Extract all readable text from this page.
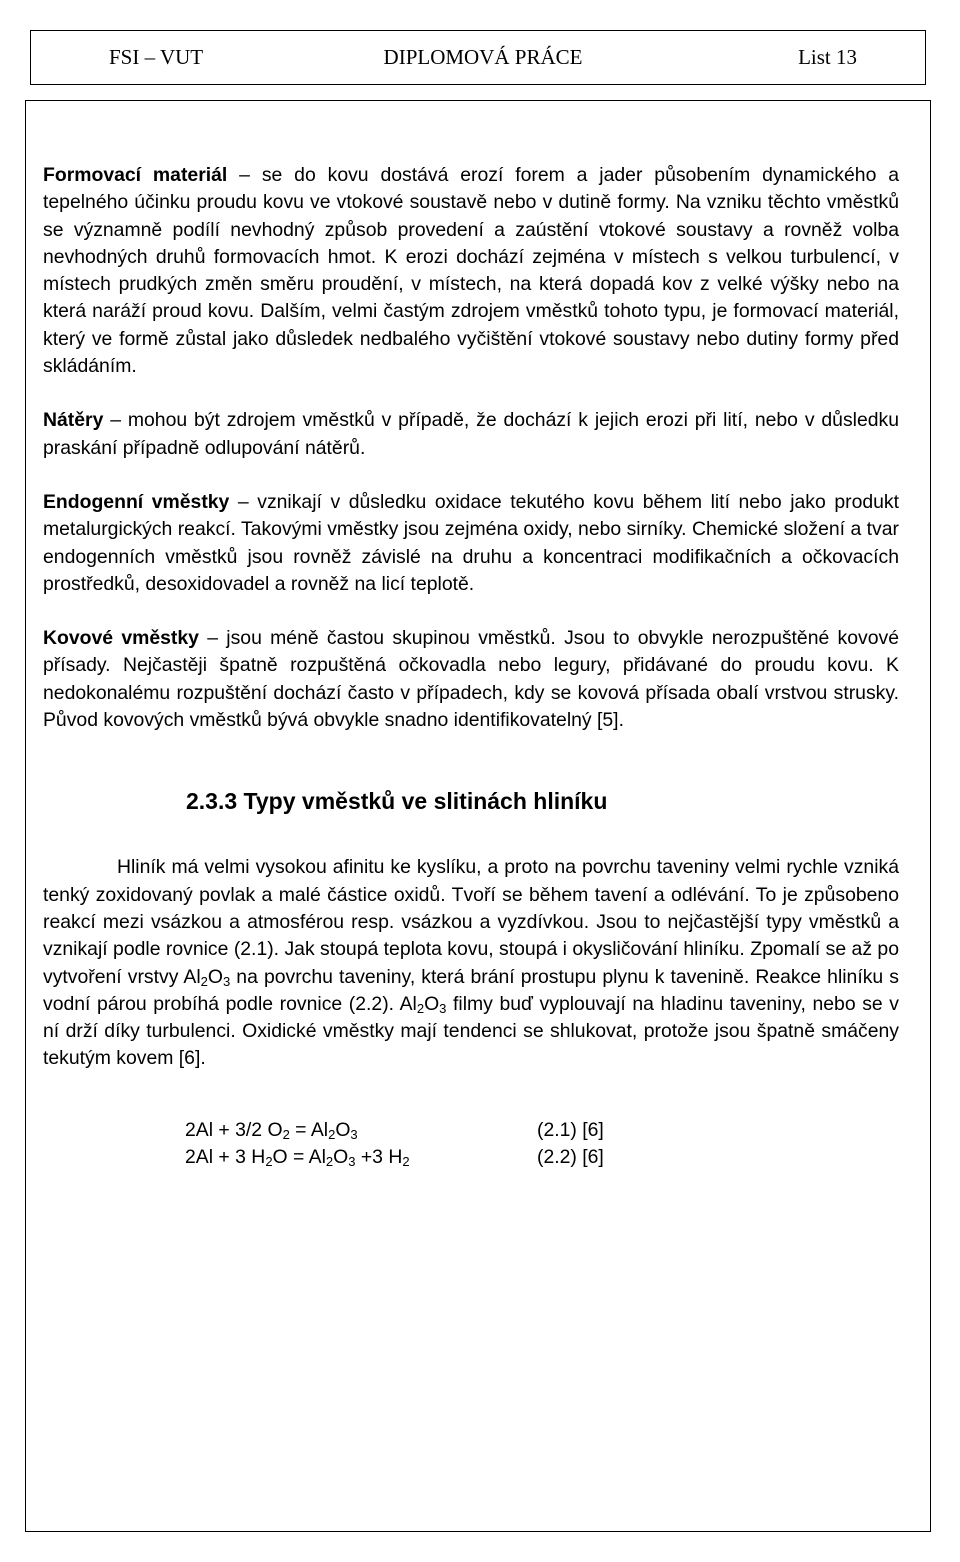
FSI – VUT	DIPLOMOVÁ PRÁCE	List 13

Formovací materiál – se do kovu dostává erozí forem a jader působením dynamického a tepelného účinku proudu kovu ve vtokové soustavě nebo v dutině formy. Na vzniku těchto vměstků se významně podílí nevhodný způsob provedení a zaústění vtokové soustavy a rovněž volba nevhodných druhů formovacích hmot. K erozi dochází zejména v místech s velkou turbulencí, v místech prudkých změn směru proudění, v místech, na která dopadá kov z velké výšky nebo na která naráží proud kovu. Dalším, velmi častým zdrojem vměstků tohoto typu, je formovací materiál, který ve formě zůstal jako důsledek nedbalého vyčištění vtokové soustavy nebo dutiny formy před skládáním.

Nátěry – mohou být zdrojem vměstků v případě, že dochází k jejich erozi při lití, nebo v důsledku praskání případně odlupování nátěrů.

Endogenní vměstky – vznikají v důsledku oxidace tekutého kovu během lití nebo jako produkt metalurgických reakcí. Takovými vměstky jsou zejména oxidy, nebo sirníky. Chemické složení a tvar endogenních vměstků jsou rovněž závislé na druhu a koncentraci modifikačních a očkovacích prostředků, desoxidovadel a rovněž na licí teplotě.

Kovové vměstky – jsou méně častou skupinou vměstků. Jsou to obvykle nerozpuštěné kovové přísady. Nejčastěji špatně rozpuštěná očkovadla nebo legury, přidávané do proudu kovu. K nedokonalému rozpuštění dochází často v případech, kdy se kovová přísada obalí vrstvou strusky. Původ kovových vměstků bývá obvykle snadno identifikovatelný [5].

2.3.3 Typy vměstků ve slitinách hliníku

Hliník má velmi vysokou afinitu ke kyslíku, a proto na povrchu taveniny velmi rychle vzniká tenký zoxidovaný povlak a malé částice oxidů. Tvoří se během tavení a odlévání. To je způsobeno reakcí mezi vsázkou a atmosférou resp. vsázkou a vyzdívkou. Jsou to nejčastější typy vměstků a vznikají podle rovnice (2.1). Jak stoupá teplota kovu, stoupá i okysličování hliníku. Zpomalí se až po vytvoření vrstvy $Al_2O_3$ na povrchu taveniny, která brání prostupu plynu k tavenině. Reakce hliníku s vodní párou probíhá podle rovnice (2.2). $Al_2O_3$ filmy buď vyplouvají na hladinu taveniny, nebo se v ní drží díky turbulenci. Oxidické vměstky mají tendenci se shlukovat, protože jsou špatně smáčeny tekutým kovem [6].

2Al + 3/2 $O_2 = Al_2O_3$	(2.1) [6]
2Al + 3 $H_2O = Al_2O_3 +3$ $H_2$	(2.2) [6]
